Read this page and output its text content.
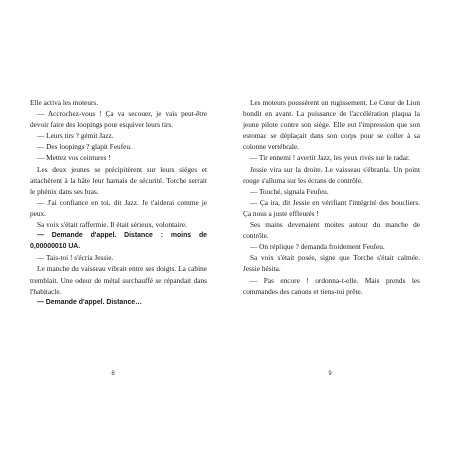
Elle activa les moteurs.

— Accrochez-vous ! Ça va secouer, je vais peut-être devoir faire des loopings pour esquiver leurs tirs.

— Leurs tirs ? gémit Jazz.

— Des loopings ? glapit Feufeu.

— Mettez vos ceintures !

Les deux jeunes se précipitèrent sur leurs sièges et attachèrent à la hâte leur harnais de sécurité. Torche serrait le phénix dans ses bras.

— J'ai confiance en toi, dit Jazz. Je t'aiderai comme je peux.

Sa voix s'était raffermie. Il était sérieux, volontaire.

— Demande d'appel. Distance : moins de 0,00000010 UA.

— Tais-toi ! s'écria Jessie.

Le manche du vaisseau vibrait entre ses doigts. La cabine tremblait. Une odeur de métal surchauffé se répandait dans l'habitacle.

— Demande d'appel. Distance…

8

Les moteurs poussèrent un rugissement. Le Cœur de Lion bondit en avant. La puissance de l'accélération plaqua la jeune pilote contre son siège. Elle eut l'impression que son estomac se déplaçait dans son corps pour se coller à sa colonne vertébrale.

— Tir ennemi ! avertit Jazz, les yeux rivés sur le radar.

Jessie vira sur la droite. Le vaisseau s'ébranla. Un point rouge s'alluma sur les écrans de contrôle.

— Touché, signala Feufeu.

— Ça ira, dit Jessie en vérifiant l'intégrité des boucliers. Ça nous a juste effleurés !

Ses mains devenaient moites autour du manche de contrôle.

— On réplique ? demanda froidement Feufeu.

Sa voix s'était posée, signe que Torche s'était calmée. Jessie hésita.

— Pas encore ! ordonna-t-elle. Mais prends les commandes des canons et tiens-toi prête.

9
